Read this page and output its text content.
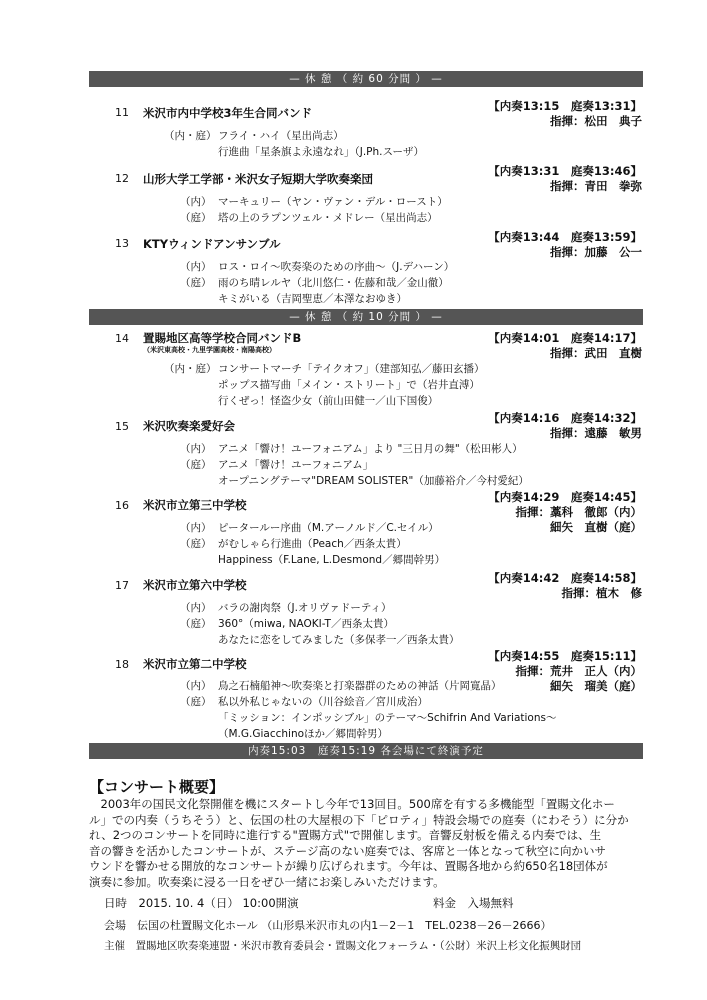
— 休 憩 （ 約 60 分間 ） —
— 休 憩 （ 約 10 分間 ） —
内奏15:03　庭奏15:19 各会場にて終演予定
11 米沢市内中学校3年生合同バンド	【内奏13:15　庭奏13:31】
指揮：松田　典子
（内・庭） フライ・ハイ（星出尚志）
行進曲「星条旗よ永遠なれ」（J.Ph.スーザ）
12 山形大学工学部・米沢女子短期大学吹奏楽団
【内奏13:31　庭奏13:46】
指揮：青田　拳弥
（内） マーキュリー（ヤン・ヴァン・デル・ロースト）
（庭） 塔の上のラプンツェル・メドレー（星出尚志）
13 KTYウィンドアンサンブル	【内奏13:44　庭奏13:59】
指揮：加藤　公一
（内） ロス・ロイ～吹奏楽のための序曲～（J.デハーン）
（庭） 雨のち晴レルヤ（北川悠仁・佐藤和哉／金山徹）
キミがいる（吉岡聖恵／本澤なおゆき）
14 置賜地区高等学校合同バンドB
（米沢東高校・九里学園高校・南陽高校）
【内奏14:01　庭奏14:17】
指揮：武田　直樹
（内・庭） コンサートマーチ「テイクオフ」（建部知弘／藤田玄播）
ポップス描写曲「メイン・ストリート」で（岩井直溥）
行くぜっ！怪盗少女（前山田健一／山下国俊）
15 米沢吹奏楽愛好会
【内奏14:16　庭奏14:32】
指揮：遠藤　敏男
（内） アニメ「響け！ユーフォニアム」より "三日月の舞"（松田彬人）
（庭） アニメ「響け！ユーフォニアム」
オープニングテーマ"DREAM SOLISTER"（加藤裕介／今村愛紀）
16 米沢市立第三中学校
【内奏14:29　庭奏14:45】
指揮：藁科　徹郎（内）
細矢　直樹（庭）
（内） ピータールー序曲（M.アーノルド／C.セイル）
（庭） がむしゃら行進曲（Peach／西条太貴）
Happiness（F.Lane, L.Desmond／郷間幹男）
17 米沢市立第六中学校	【内奏14:42　庭奏14:58】
指揮：植木　修
（内） バラの謝肉祭（J.オリヴァドーティ）
（庭） 360°（miwa, NAOKI-T／西条太貴）
あなたに恋をしてみました（多保孝一／西条太貴）
18 米沢市立第二中学校
【内奏14:55　庭奏15:11】
指揮：荒井　正人（内）
細矢　瑠美（庭）
（内） 鳥之石楠船神～吹奏楽と打楽器群のための神話（片岡寛晶）
（庭） 私以外私じゃないの（川谷絵音／宮川成治）
「ミッション：インポッシブル」のテーマ～Schifrin And Variations～
（M.G.Giacchinoほか／郷間幹男）
【コンサート概要】

　2003年の国民文化祭開催を機にスタートし今年で13回目。500席を有する多機能型「置賜文化ホー

ル」での内奏（うちそう）と、伝国の杜の大屋根の下「ピロティ」特設会場での庭奏（にわそう）に分か

れ、2つのコンサートを同時に進行する"置賜方式"で開催します。音響反射板を備える内奏では、生

音の響きを活かしたコンサートが、ステージ高のない庭奏では、客席と一体となって秋空に向かいサ

ウンドを響かせる開放的なコンサートが繰り広げられます。今年は、置賜各地から約650名18団体が

演奏に参加。吹奏楽に浸る一日をぜひ一緒にお楽しみいただけます。

日時　2015. 10. 4（日） 10:00開演	料金　入場無料
会場　伝国の杜置賜文化ホール （山形県米沢市丸の内1－2－1　TEL.0238－26－2666）
主催　置賜地区吹奏楽連盟・米沢市教育委員会・置賜文化フォーラム・（公財）米沢上杉文化振興財団
